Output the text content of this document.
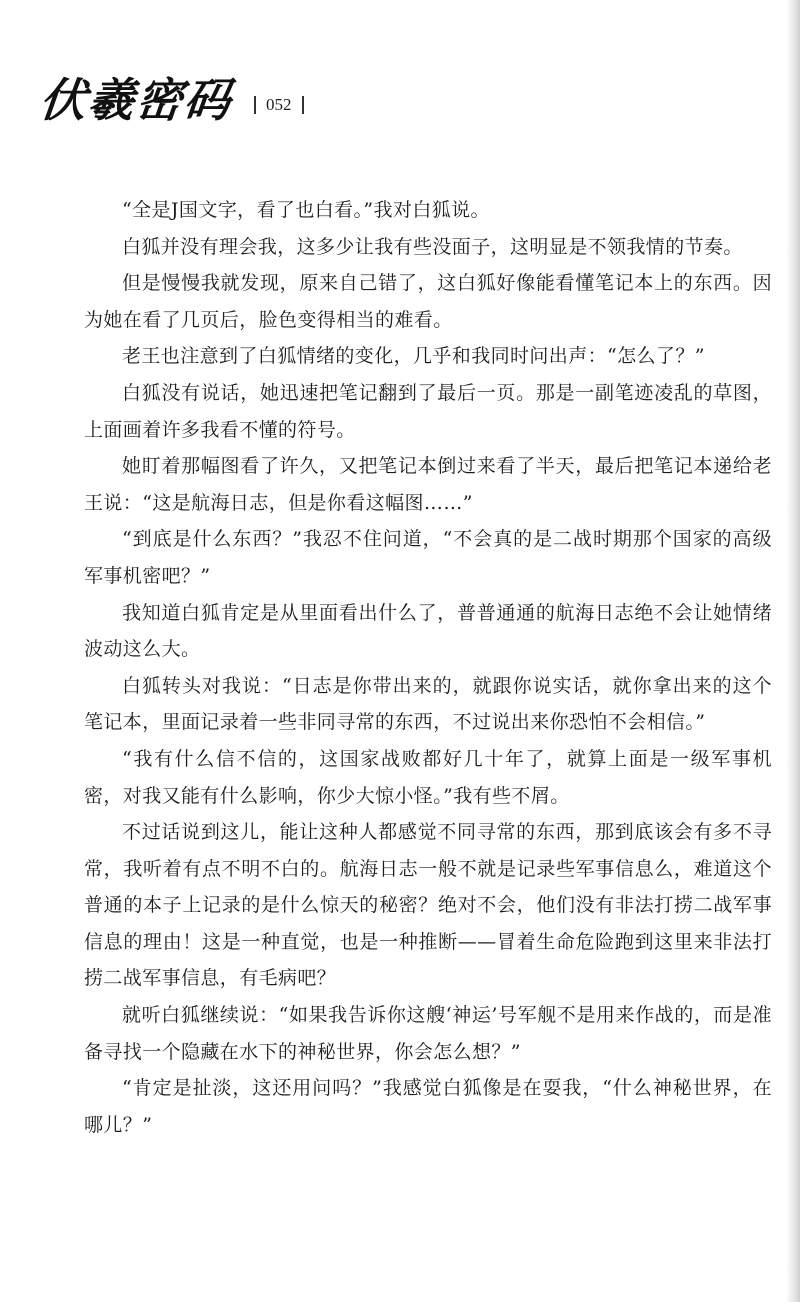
伏羲密码 052

“全是J国文字，看了也白看。”我对白狐说。

白狐并没有理会我，这多少让我有些没面子，这明显是不领我情的节奏。

但是慢慢我就发现，原来自己错了，这白狐好像能看懂笔记本上的东西。因为她在看了几页后，脸色变得相当的难看。

老王也注意到了白狐情绪的变化，几乎和我同时问出声：“怎么了？”

白狐没有说话，她迅速把笔记翻到了最后一页。那是一副笔迹凌乱的草图，上面画着许多我看不懂的符号。

她盯着那幅图看了许久，又把笔记本倒过来看了半天，最后把笔记本递给老王说：“这是航海日志，但是你看这幅图……”

“到底是什么东西？”我忍不住问道，“不会真的是二战时期那个国家的高级军事机密吧？”

我知道白狐肯定是从里面看出什么了，普普通通的航海日志绝不会让她情绪波动这么大。

白狐转头对我说：“日志是你带出来的，就跟你说实话，就你拿出来的这个笔记本，里面记录着一些非同寻常的东西，不过说出来你恐怕不会相信。”

“我有什么信不信的，这国家战败都好几十年了，就算上面是一级军事机密，对我又能有什么影响，你少大惊小怪。”我有些不屑。

不过话说到这儿，能让这种人都感觉不同寻常的东西，那到底该会有多不寻常，我听着有点不明不白的。航海日志一般不就是记录些军事信息么，难道这个普通的本子上记录的是什么惊天的秘密？绝对不会，他们没有非法打捞二战军事信息的理由！这是一种直觉，也是一种推断——冒着生命危险跑到这里来非法打捞二战军事信息，有毛病吧？

就听白狐继续说：“如果我告诉你这艘‘神运’号军舰不是用来作战的，而是准备寻找一个隐藏在水下的神秘世界，你会怎么想？”

“肯定是扯淡，这还用问吗？”我感觉白狐像是在耍我，“什么神秘世界，在哪儿？”
